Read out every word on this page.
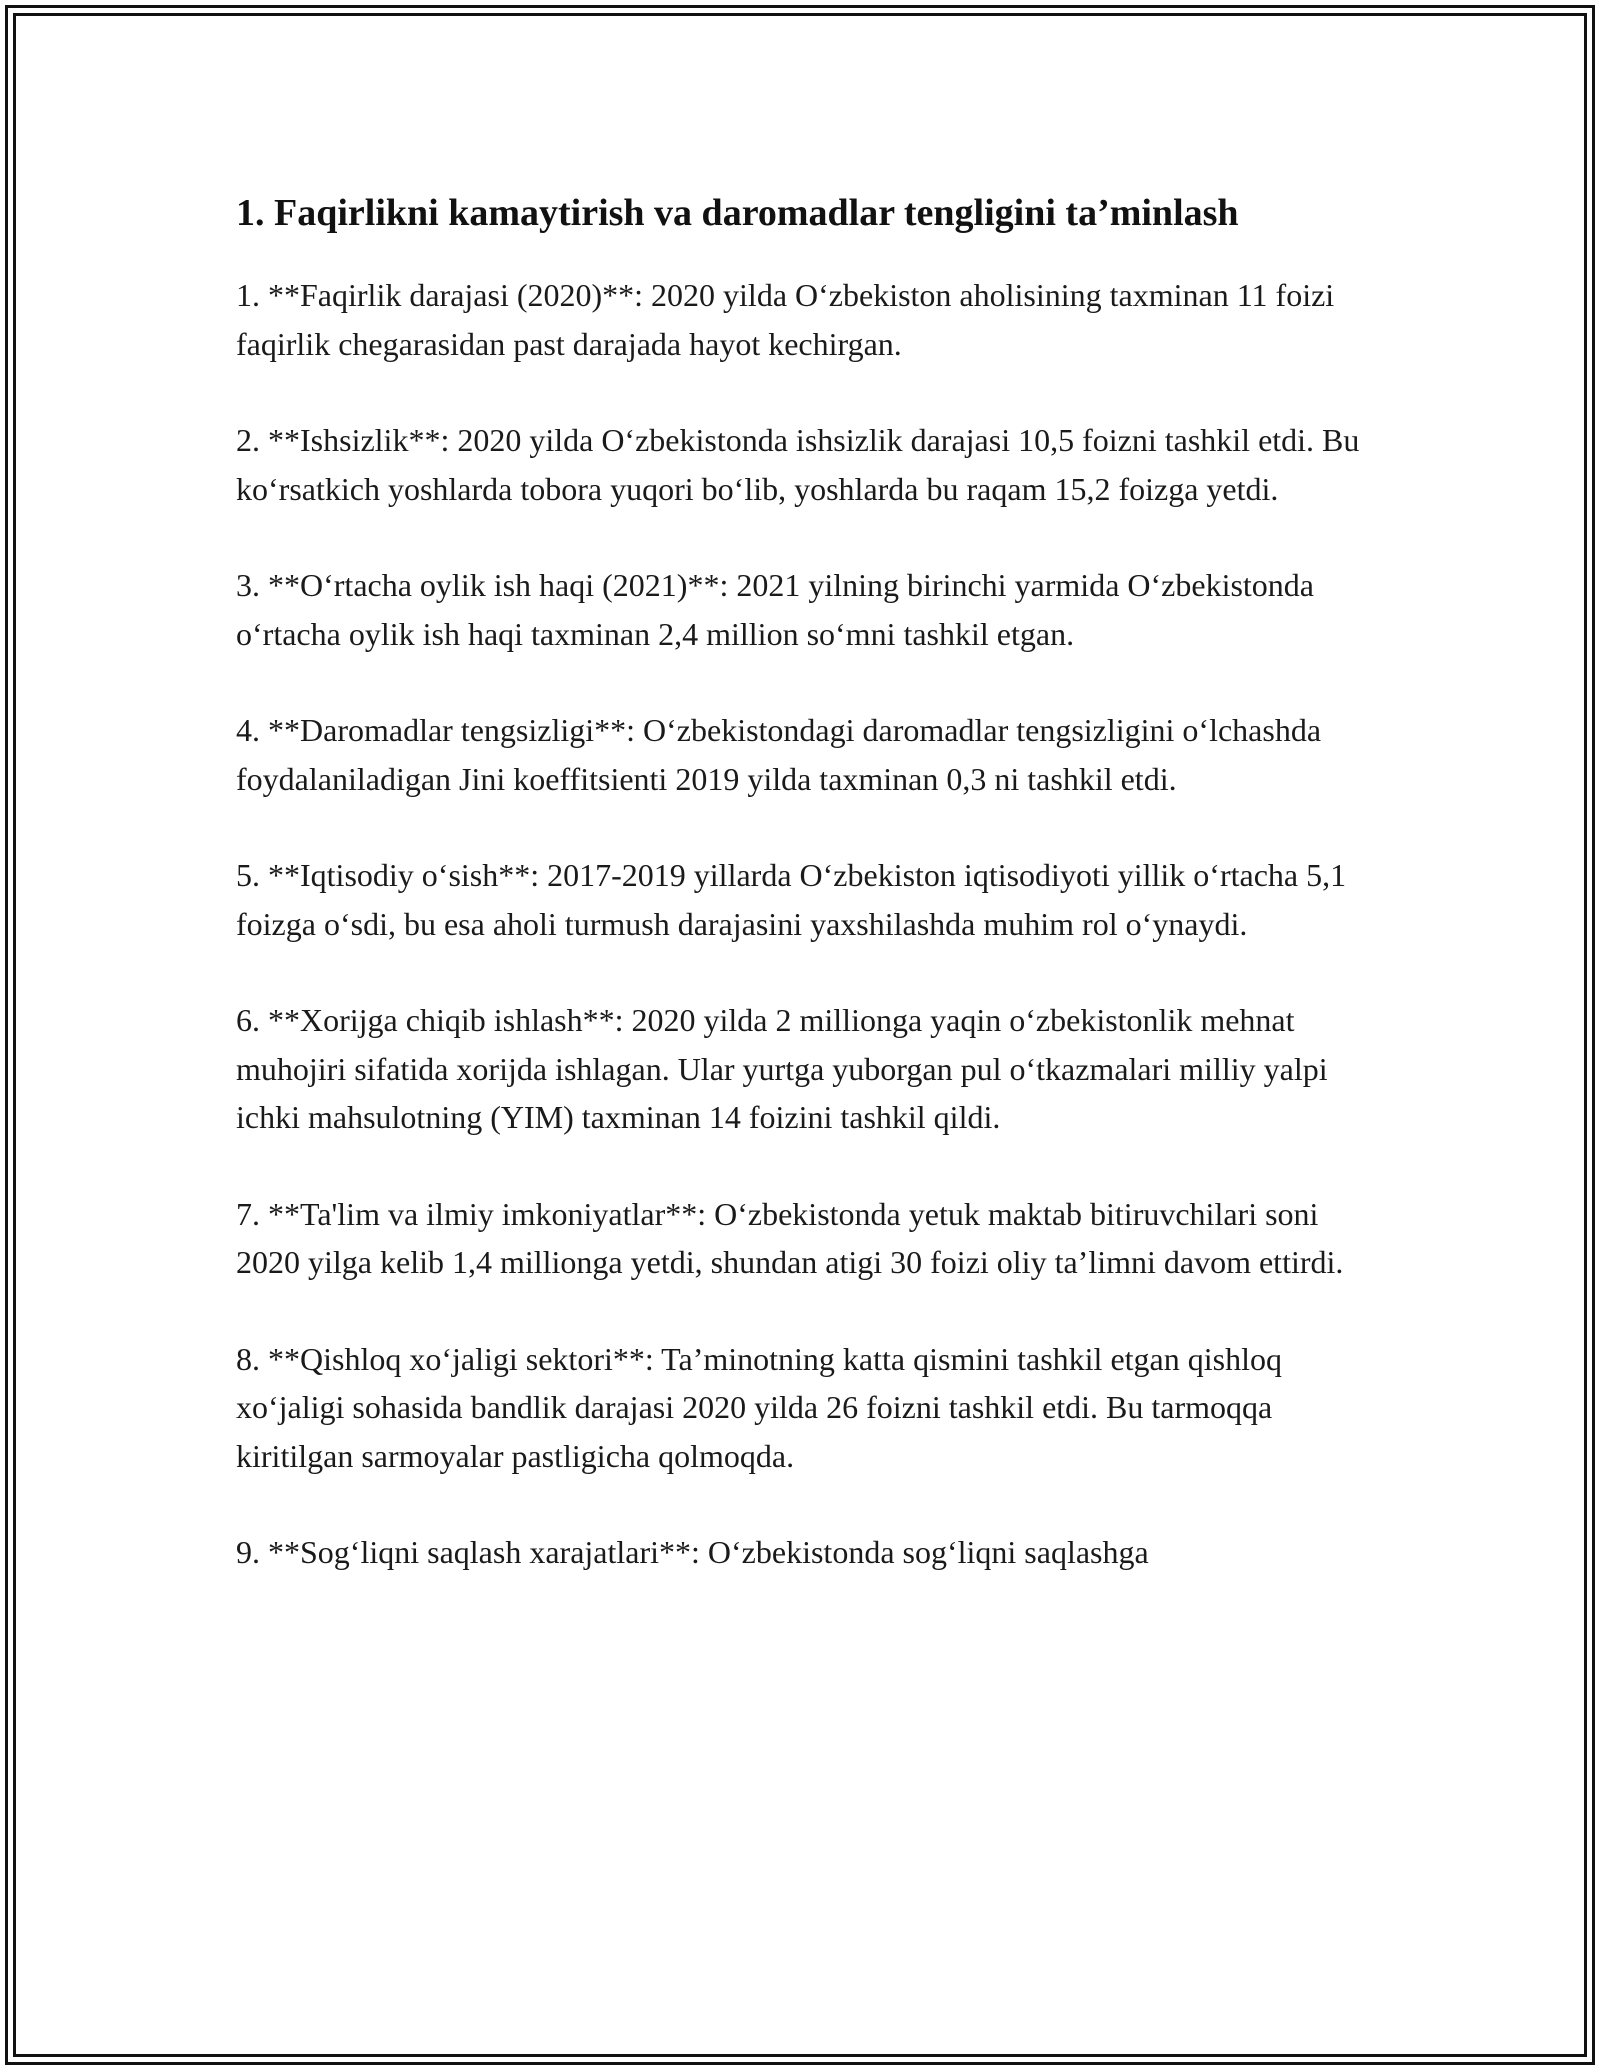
1. Faqirlikni kamaytirish va daromadlar tengligini ta’minlash

1. **Faqirlik darajasi (2020)**: 2020 yilda O‘zbekiston aholisining taxminan 11 foizi faqirlik chegarasidan past darajada hayot kechirgan.

2. **Ishsizlik**: 2020 yilda O‘zbekistonda ishsizlik darajasi 10,5 foizni tashkil etdi. Bu ko‘rsatkich yoshlarda tobora yuqori bo‘lib, yoshlarda bu raqam 15,2 foizga yetdi.

3. **O‘rtacha oylik ish haqi (2021)**: 2021 yilning birinchi yarmida O‘zbekistonda o‘rtacha oylik ish haqi taxminan 2,4 million so‘mni tashkil etgan.

4. **Daromadlar tengsizligi**: O‘zbekistondagi daromadlar tengsizligini o‘lchashda foydalaniladigan Jini koeffitsienti 2019 yilda taxminan 0,3 ni tashkil etdi.

5. **Iqtisodiy o‘sish**: 2017-2019 yillarda O‘zbekiston iqtisodiyoti yillik o‘rtacha 5,1 foizga o‘sdi, bu esa aholi turmush darajasini yaxshilashda muhim rol o‘ynaydi.

6. **Xorijga chiqib ishlash**: 2020 yilda 2 millionga yaqin o‘zbekistonlik mehnat muhojiri sifatida xorijda ishlagan. Ular yurtga yuborgan pul o‘tkazmalari milliy yalpi ichki mahsulotning (YIM) taxminan 14 foizini tashkil qildi.

7. **Ta'lim va ilmiy imkoniyatlar**: O‘zbekistonda yetuk maktab bitiruvchilari soni 2020 yilga kelib 1,4 millionga yetdi, shundan atigi 30 foizi oliy ta’limni davom ettirdi.

8. **Qishloq xo‘jaligi sektori**: Ta’minotning katta qismini tashkil etgan qishloq xo‘jaligi sohasida bandlik darajasi 2020 yilda 26 foizni tashkil etdi. Bu tarmoqqa kiritilgan sarmoyalar pastligicha qolmoqda.

9. **Sog‘liqni saqlash xarajatlari**: O‘zbekistonda sog‘liqni saqlashga
